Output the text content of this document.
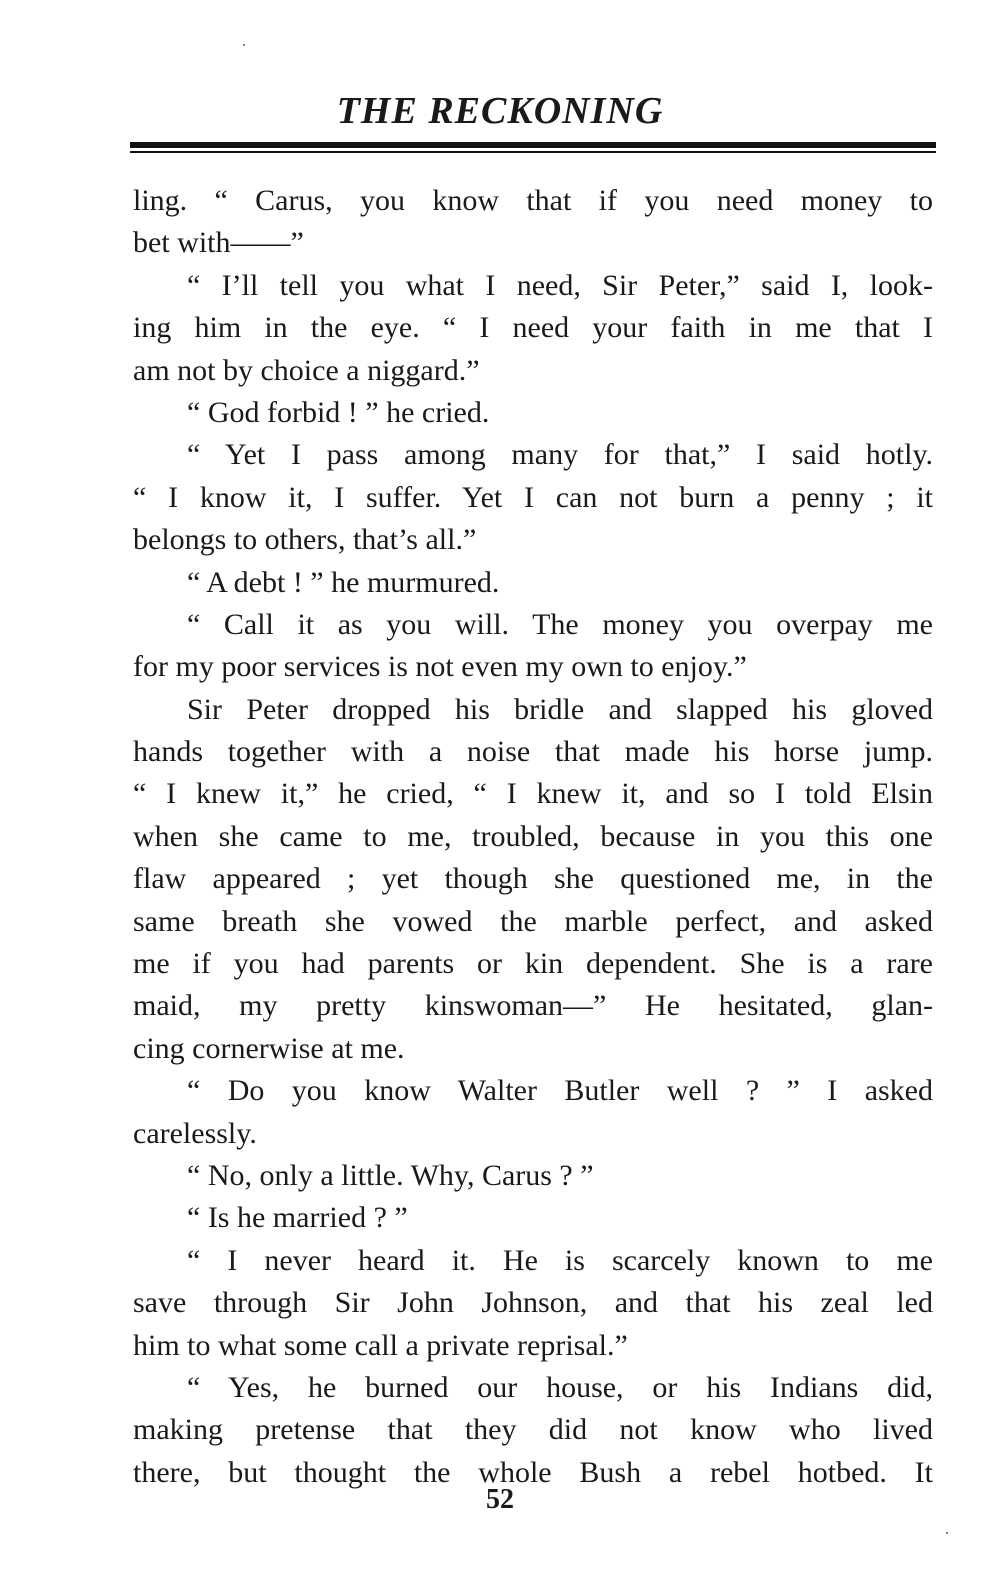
THE RECKONING
ling. “ Carus, you know that if you need money to
bet with——”
“ I’ll tell you what I need, Sir Peter,” said I, look-
ing him in the eye. “ I need your faith in me that I
am not by choice a niggard.”
“ God forbid ! ” he cried.
“ Yet I pass among many for that,” I said hotly.
“ I know it, I suffer. Yet I can not burn a penny ; it
belongs to others, that’s all.”
“ A debt ! ” he murmured.
“ Call it as you will. The money you overpay me
for my poor services is not even my own to enjoy.”
Sir Peter dropped his bridle and slapped his gloved
hands together with a noise that made his horse jump.
“ I knew it,” he cried, “ I knew it, and so I told Elsin
when she came to me, troubled, because in you this one
flaw appeared ; yet though she questioned me, in the
same breath she vowed the marble perfect, and asked
me if you had parents or kin dependent. She is a rare
maid, my pretty kinswoman—” He hesitated, glan-
cing cornerwise at me.
“ Do you know Walter Butler well ? ” I asked
carelessly.
“ No, only a little. Why, Carus ? ”
“ Is he married ? ”
“ I never heard it. He is scarcely known to me
save through Sir John Johnson, and that his zeal led
him to what some call a private reprisal.”
“ Yes, he burned our house, or his Indians did,
making pretense that they did not know who lived
there, but thought the whole Bush a rebel hotbed. It
52
